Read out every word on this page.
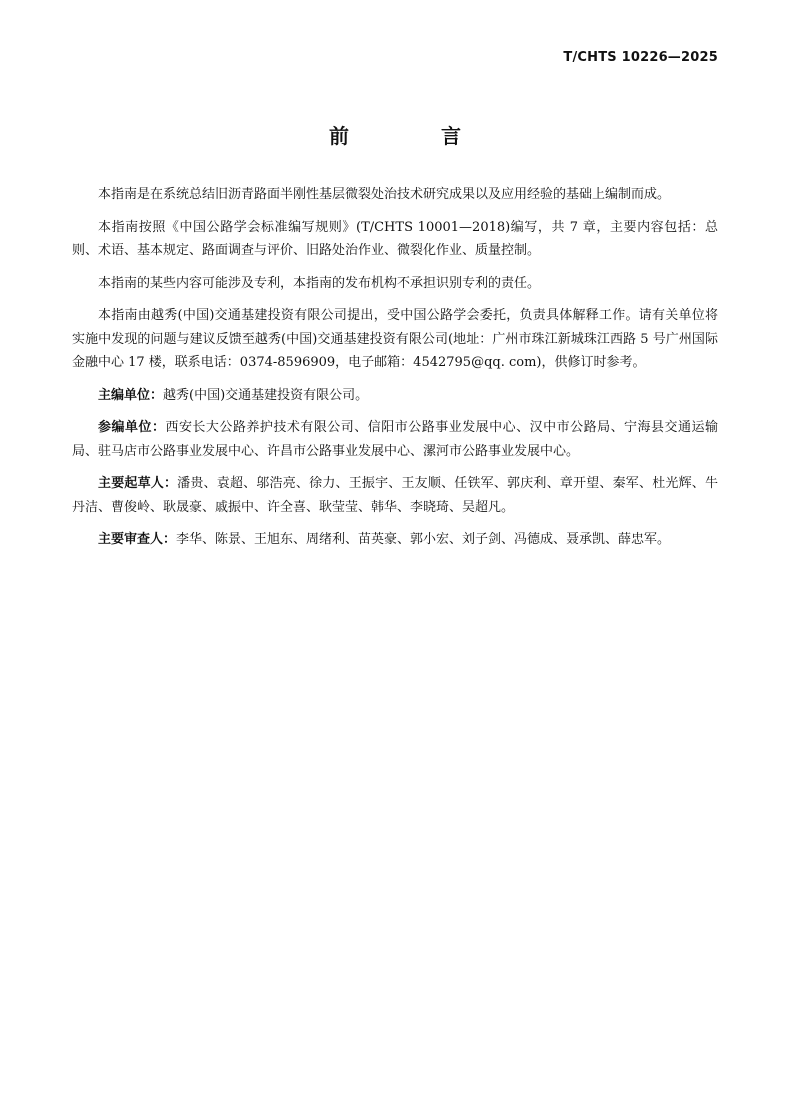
T/CHTS 10226—2025
前　言

本指南是在系统总结旧沥青路面半刚性基层微裂处治技术研究成果以及应用经验的基础上编制而成。

本指南按照《中国公路学会标准编写规则》(T/CHTS 10001—2018)编写，共 7 章，主要内容包括：总则、术语、基本规定、路面调查与评价、旧路处治作业、微裂化作业、质量控制。

本指南的某些内容可能涉及专利，本指南的发布机构不承担识别专利的责任。

本指南由越秀(中国)交通基建投资有限公司提出，受中国公路学会委托，负责具体解释工作。请有关单位将实施中发现的问题与建议反馈至越秀(中国)交通基建投资有限公司(地址：广州市珠江新城珠江西路 5 号广州国际金融中心 17 楼，联系电话：0374-8596909，电子邮箱：4542795@qq. com)，供修订时参考。

主编单位：越秀(中国)交通基建投资有限公司。

参编单位：西安长大公路养护技术有限公司、信阳市公路事业发展中心、汉中市公路局、宁海县交通运输局、驻马店市公路事业发展中心、许昌市公路事业发展中心、漯河市公路事业发展中心。

主要起草人：潘贵、袁超、邬浩亮、徐力、王振宇、王友顺、任铁军、郭庆利、章开望、秦军、杜光辉、牛丹洁、曹俊岭、耿晟豪、戚振中、许全喜、耿莹莹、韩华、李晓琦、吴超凡。

主要审查人：李华、陈景、王旭东、周绪利、苗英豪、郭小宏、刘子剑、冯德成、聂承凯、薛忠军。
